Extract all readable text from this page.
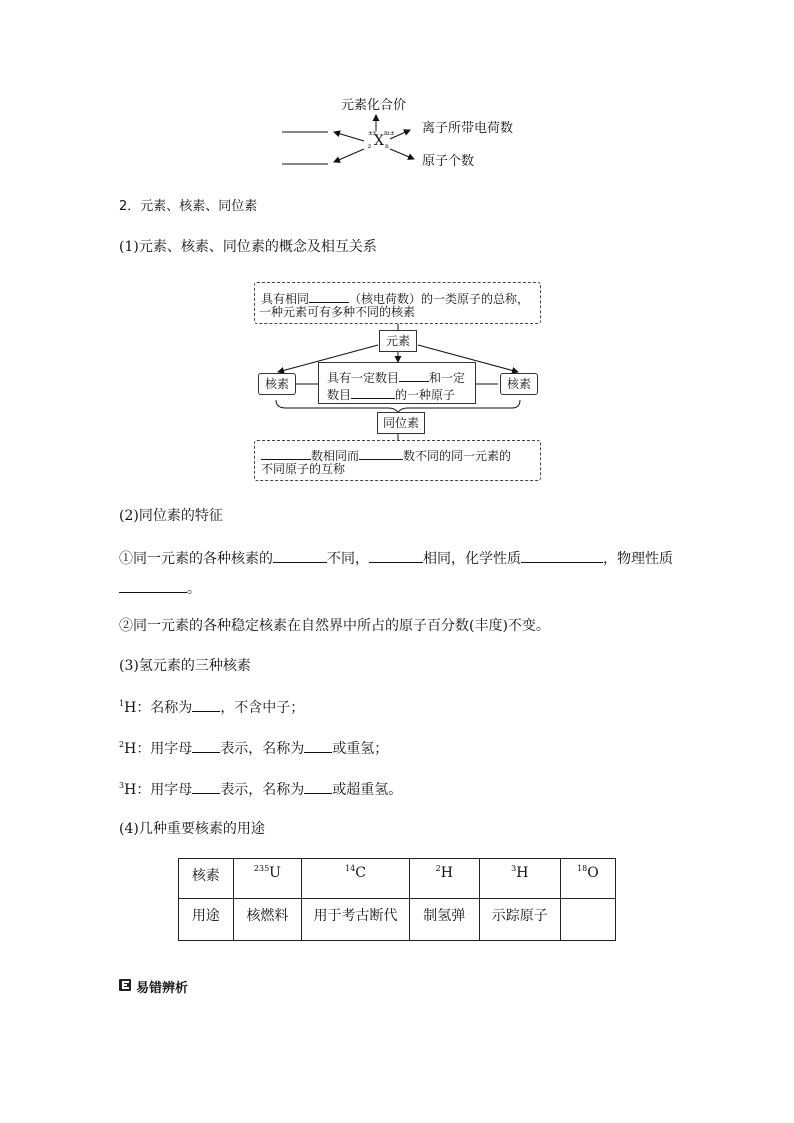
元素化合价
离子所带电荷数
原子个数
±x
z X m±
n
2．元素、核素、同位素
(1)元素、核素、同位素的概念及相互关系
具有相同	（核电荷数）的一类原子的总称，
一种元素可有多种不同的核素
元素
核素	核素
具有一定数目	和一定
数目	的一种原子
同位素
数相同而	数不同的同一元素的
不同原子的互称
(2)同位素的特征
①同一元素的各种核素的	不同，	相同，化学性质	，物理性质
。
②同一元素的各种稳定核素在自然界中所占的原子百分数(丰度)不变。
(3)氢元素的三种核素
$^1$H：名称为 ，不含中子；
$^2$H：用字母 表示，名称为 或重氢；
$^3$H：用字母 表示，名称为 或超重氢。
(4)几种重要核素的用途
核素	$^{235}$U	$^{14}$C	$^2$H	$^3$H	$^{18}$O
用途	核燃料	用于考古断代	制氢弹	示踪原子	
易错辨析
